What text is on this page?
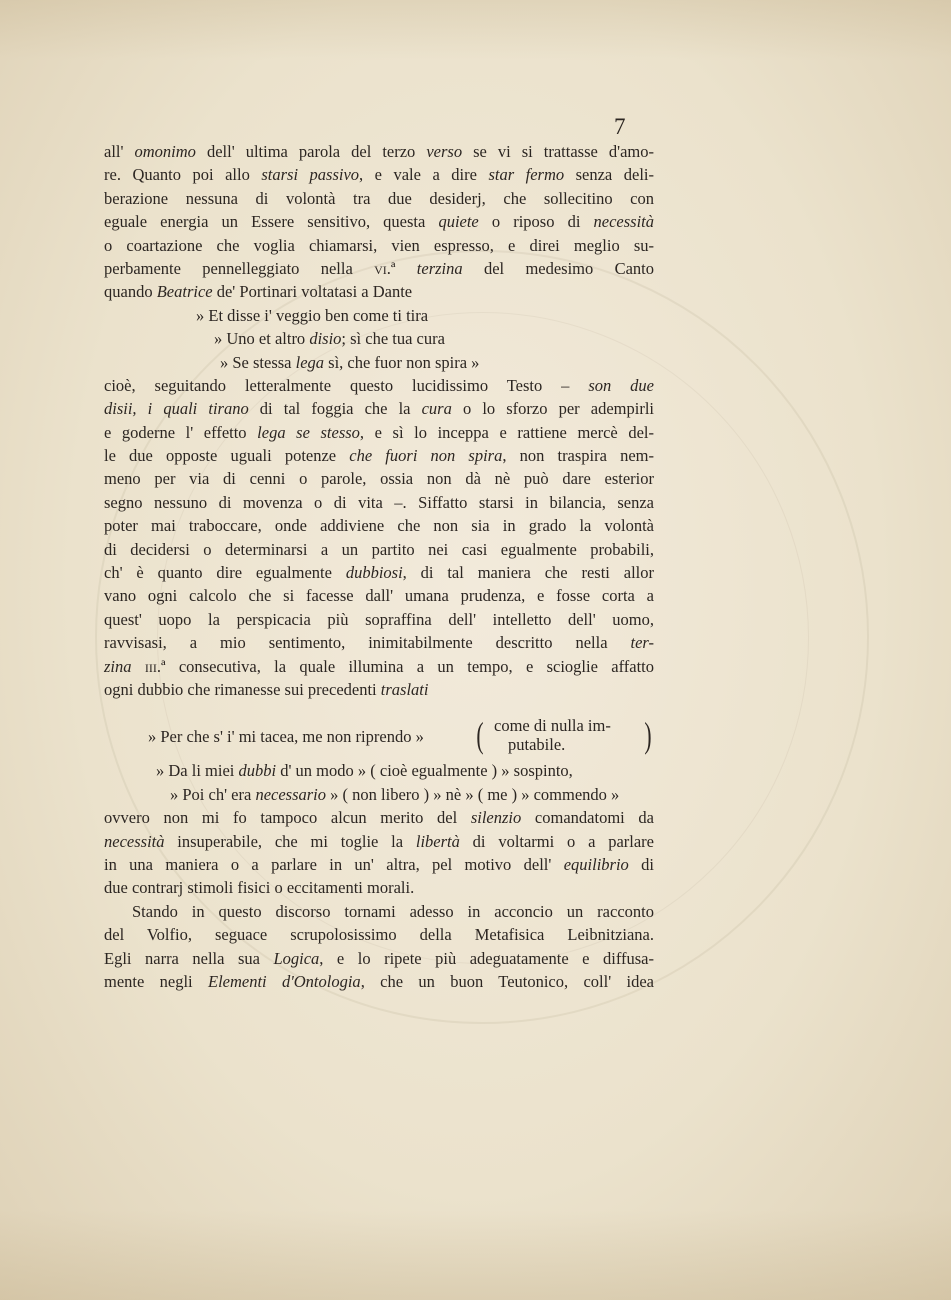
7
all' omonimo dell' ultima parola del terzo verso se vi si trattasse d'amo-
re. Quanto poi allo starsi passivo, e vale a dire star fermo senza deli-
berazione nessuna di volontà tra due desiderj, che sollecitino con
eguale energia un Essere sensitivo, questa quiete o riposo di necessità
o coartazione che voglia chiamarsi, vien espresso, e direi meglio su-
perbamente pennelleggiato nella vi.ª terzina del medesimo Canto
quando Beatrice de' Portinari voltatasi a Dante
» Et disse i' veggio ben come ti tira
» Uno et altro disio; sì che tua cura
» Se stessa lega sì, che fuor non spira »
cioè, seguitando letteralmente questo lucidissimo Testo – son due
disii, i quali tirano di tal foggia che la cura o lo sforzo per adempirli
e goderne l' effetto lega se stesso, e sì lo inceppa e rattiene mercè del-
le due opposte uguali potenze che fuori non spira, non traspira nem-
meno per via di cenni o parole, ossia non dà nè può dare esterior
segno nessuno di movenza o di vita –. Siffatto starsi in bilancia, senza
poter mai traboccare, onde addiviene che non sia in grado la volontà
di decidersi o determinarsi a un partito nei casi egualmente probabili,
ch' è quanto dire egualmente dubbiosi, di tal maniera che resti allor
vano ogni calcolo che si facesse dall' umana prudenza, e fosse corta a
quest' uopo la perspicacia più sopraffina dell' intelletto dell' uomo,
ravvisasi, a mio sentimento, inimitabilmente descritto nella ter-
zina iii.ª consecutiva, la quale illumina a un tempo, e scioglie affatto
ogni dubbio che rimanesse sui precedenti traslati
» Per che s' i' mi tacea, me non riprendo » ( come di nulla im-
putabile. )
» Da li miei dubbi d' un modo » ( cioè egualmente ) » sospinto,
» Poi ch' era necessario » ( non libero ) » nè » ( me ) » commendo »
ovvero non mi fo tampoco alcun merito del silenzio comandatomi da
necessità insuperabile, che mi toglie la libertà di voltarmi o a parlare
in una maniera o a parlare in un' altra, pel motivo dell' equilibrio di
due contrarj stimoli fisici o eccitamenti morali.
Stando in questo discorso tornami adesso in acconcio un racconto
del Volfio, seguace scrupolosissimo della Metafisica Leibnitziana.
Egli narra nella sua Logica, e lo ripete più adeguatamente e diffusa-
mente negli Elementi d'Ontologia, che un buon Teutonico, coll' idea
